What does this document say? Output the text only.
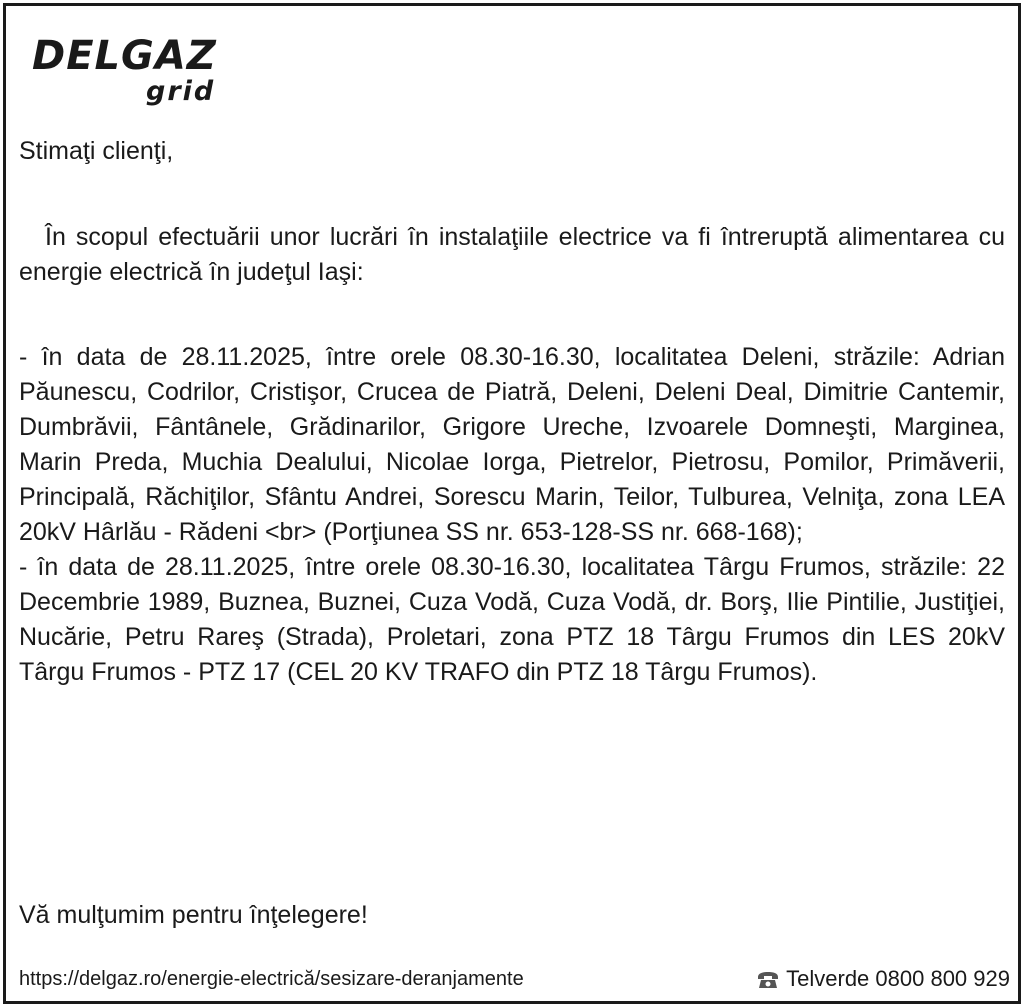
DELGAZ
grid
Stimaţi clienţi,
În scopul efectuării unor lucrări în instalaţiile electrice va fi întreruptă alimentarea cu energie electrică în judeţul Iaşi:

- în data de 28.11.2025, între orele 08.30-16.30, localitatea Deleni, străzile: Adrian Păunescu, Codrilor, Cristişor, Crucea de Piatră, Deleni, Deleni Deal, Dimitrie Cantemir, Dumbrăvii, Fântânele, Grădinarilor, Grigore Ureche, Izvoarele Domneşti, Marginea, Marin Preda, Muchia Dealului, Nicolae Iorga, Pietrelor, Pietrosu, Pomilor, Primăverii, Principală, Răchiţilor, Sfântu Andrei, Sorescu Marin, Teilor, Tulburea, Velniţa, zona LEA 20kV Hârlău - Rădeni <br> (Porţiunea SS nr. 653-128-SS nr. 668-168);

- în data de 28.11.2025, între orele 08.30-16.30, localitatea Târgu Frumos, străzile: 22 Decembrie 1989, Buznea, Buznei, Cuza Vodă, Cuza Vodă, dr. Borş, Ilie Pintilie, Justiţiei, Nucărie, Petru Rareş (Strada), Proletari, zona PTZ 18 Târgu Frumos din LES 20kV Târgu Frumos - PTZ 17 (CEL 20 KV TRAFO din PTZ 18 Târgu Frumos).

Vă mulţumim pentru înţelegere!
https://delgaz.ro/energie-electrică/sesizare-deranjamente	Telverde 0800 800 929
